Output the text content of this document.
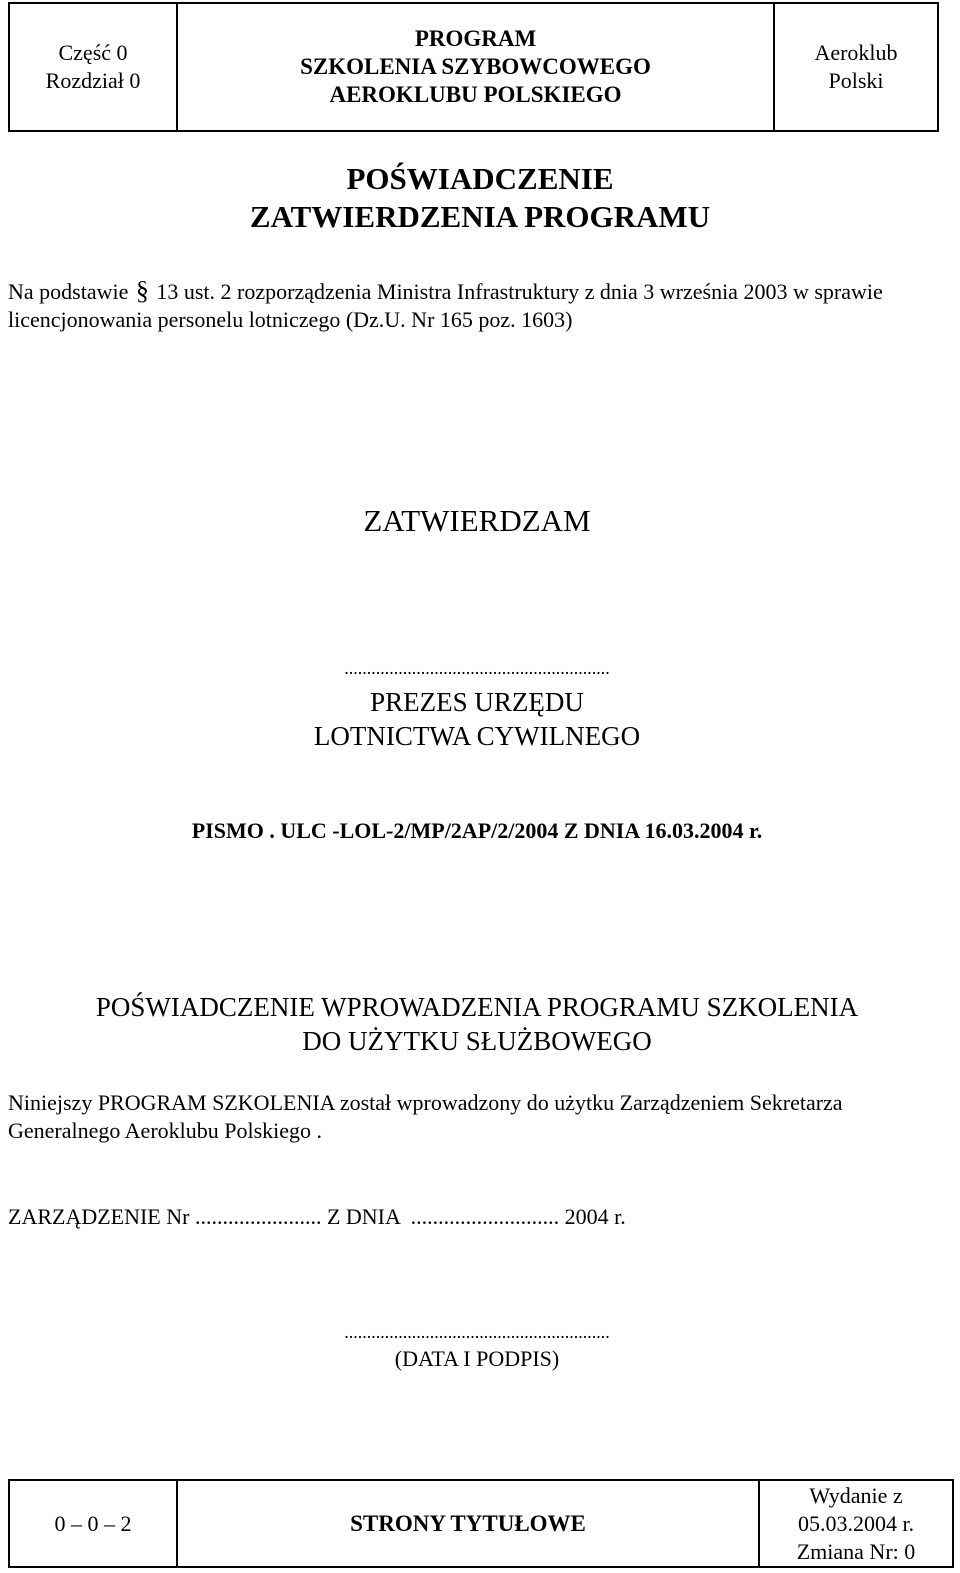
Część 0
Rozdział 0
PROGRAM
SZKOLENIA SZYBOWCOWEGO
AEROKLUBU POLSKIEGO
Aeroklub
Polski
POŚWIADCZENIE
ZATWIERDZENIA PROGRAMU
Na podstawie § 13 ust. 2 rozporządzenia Ministra Infrastruktury z dnia 3 września 2003 w sprawie licencjonowania personelu lotniczego (Dz.U. Nr 165 poz. 1603)
ZATWIERDZAM
...........................................................
PREZES URZĘDU
LOTNICTWA CYWILNEGO
PISMO . ULC -LOL-2/MP/2AP/2/2004 Z DNIA 16.03.2004 r.
POŚWIADCZENIE WPROWADZENIA PROGRAMU SZKOLENIA
DO UŻYTKU SŁUŻBOWEGO
Niniejszy PROGRAM SZKOLENIA został wprowadzony do użytku Zarządzeniem Sekretarza Generalnego Aeroklubu Polskiego .
ZARZĄDZENIE Nr ....................... Z DNIA  ........................... 2004 r.
...........................................................
(DATA I PODPIS)
0 – 0 – 2	STRONY TYTUŁOWE
Wydanie z
05.03.2004 r.
Zmiana Nr: 0
